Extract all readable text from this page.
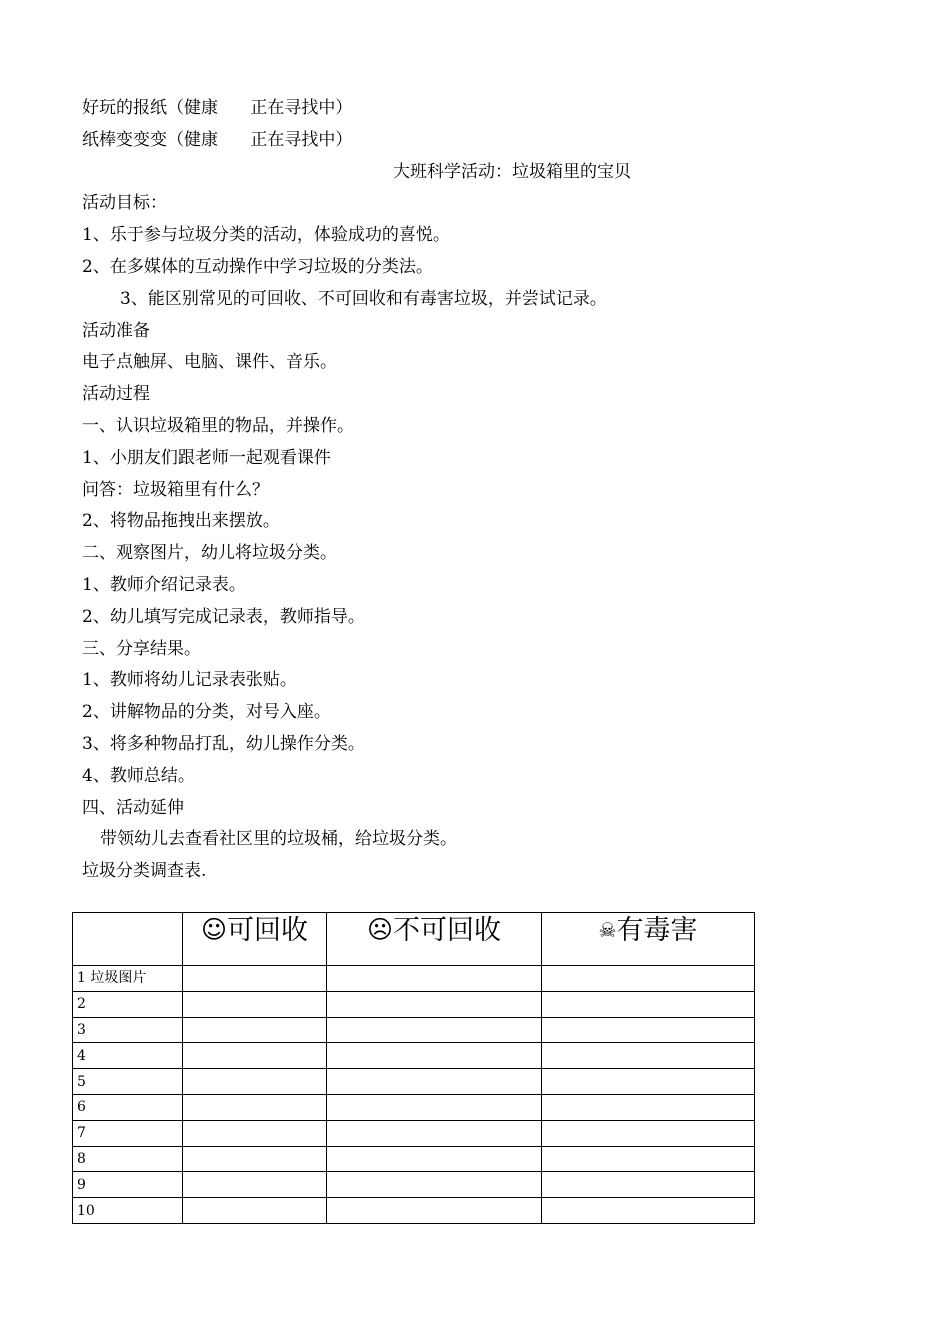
好玩的报纸（健康      正在寻找中）
纸棒变变变（健康      正在寻找中）
大班科学活动：垃圾箱里的宝贝
活动目标：
1、乐于参与垃圾分类的活动，体验成功的喜悦。
2、在多媒体的互动操作中学习垃圾的分类法。
3、能区别常见的可回收、不可回收和有毒害垃圾，并尝试记录。
活动准备
电子点触屏、电脑、课件、音乐。
活动过程
一、认识垃圾箱里的物品，并操作。
1、小朋友们跟老师一起观看课件
问答：垃圾箱里有什么？
2、将物品拖拽出来摆放。
二、观察图片，幼儿将垃圾分类。
1、教师介绍记录表。
2、幼儿填写完成记录表，教师指导。
三、分享结果。
1、教师将幼儿记录表张贴。
2、讲解物品的分类，对号入座。
3、将多种物品打乱，幼儿操作分类。
4、教师总结。
四、活动延伸
带领幼儿去查看社区里的垃圾桶，给垃圾分类。
垃圾分类调查表.
	☺可回收	☹不可回收	☠有毒害
1 垃圾图片			
2			
3			
4			
5			
6			
7			
8			
9			
10			
